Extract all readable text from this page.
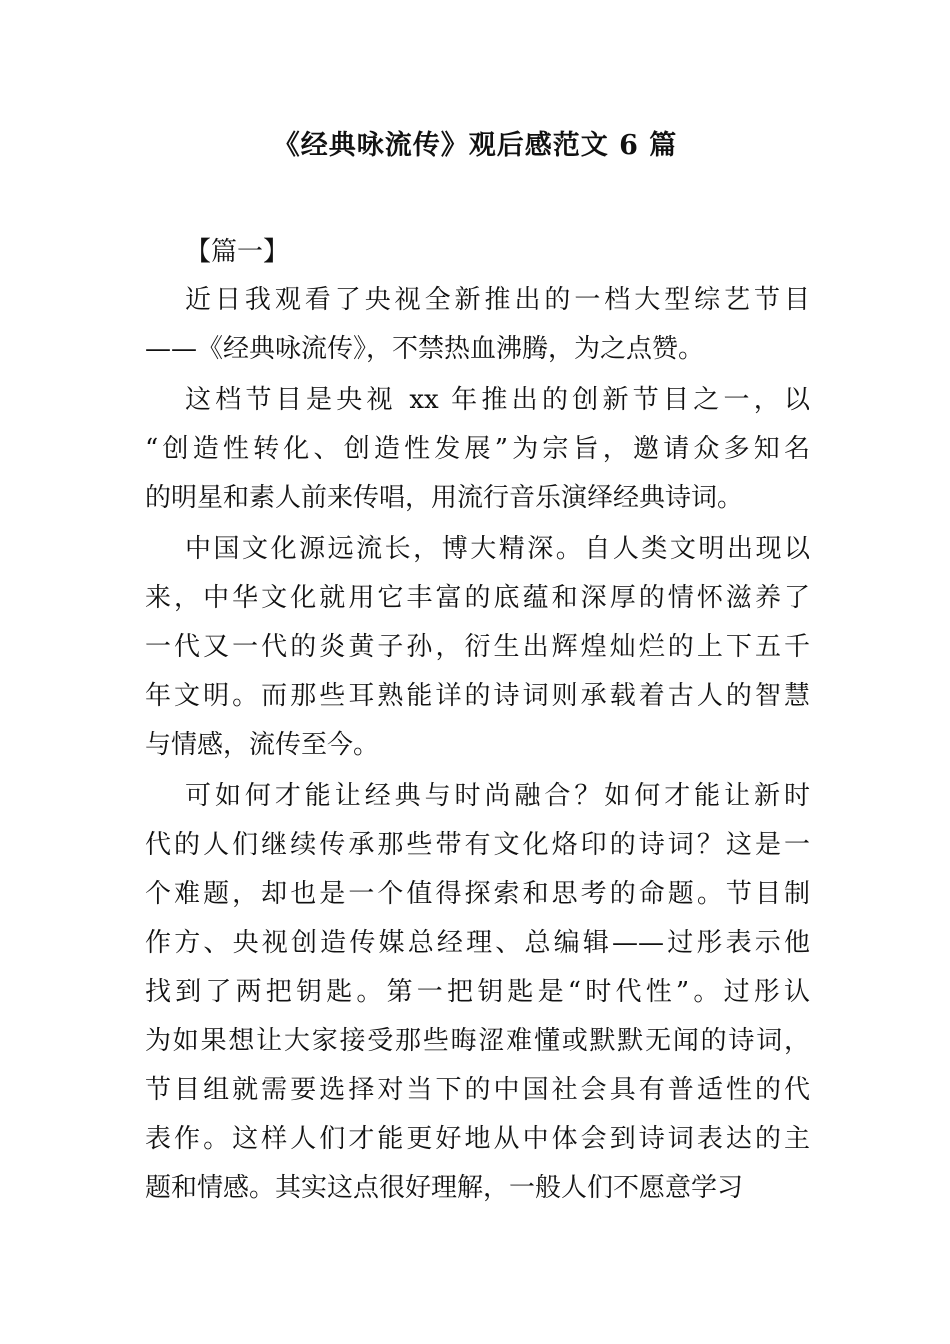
《经典咏流传》观后感范文 6 篇

【篇一】

近日我观看了央视全新推出的一档大型综艺节目
——《经典咏流传》，不禁热血沸腾，为之点赞。

这档节目是央视 xx 年推出的创新节目之一，以
“创造性转化、创造性发展”为宗旨，邀请众多知名
的明星和素人前来传唱，用流行音乐演绎经典诗词。

中国文化源远流长，博大精深。自人类文明出现以
来，中华文化就用它丰富的底蕴和深厚的情怀滋养了
一代又一代的炎黄子孙，衍生出辉煌灿烂的上下五千
年文明。而那些耳熟能详的诗词则承载着古人的智慧
与情感，流传至今。

可如何才能让经典与时尚融合？如何才能让新时
代的人们继续传承那些带有文化烙印的诗词？这是一
个难题，却也是一个值得探索和思考的命题。节目制
作方、央视创造传媒总经理、总编辑——过彤表示他
找到了两把钥匙。第一把钥匙是“时代性”。过彤认
为如果想让大家接受那些晦涩难懂或默默无闻的诗词，
节目组就需要选择对当下的中国社会具有普适性的代
表作。这样人们才能更好地从中体会到诗词表达的主
题和情感。其实这点很好理解，一般人们不愿意学习
